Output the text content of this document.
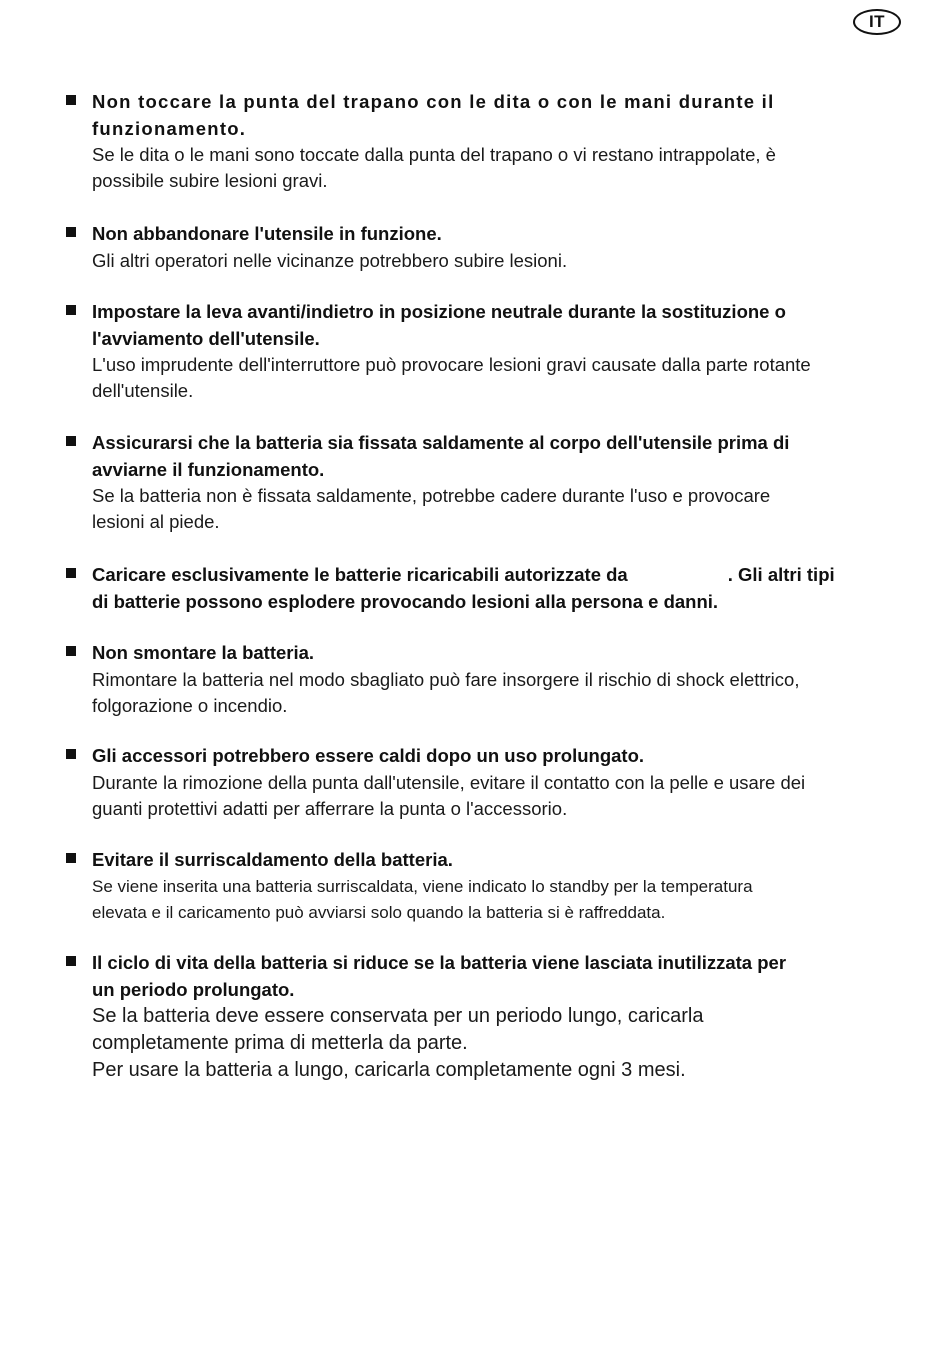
IT

Non toccare la punta del trapano con le dita o con le mani durante il funzionamento.

Se le dita o le mani sono toccate dalla punta del trapano o vi restano intrappolate, è

possibile subire lesioni gravi.

Non abbandonare l'utensile in funzione.

Gli altri operatori nelle vicinanze potrebbero subire lesioni.

Impostare la leva avanti/indietro in posizione neutrale durante la sostituzione o

l'avviamento dell'utensile.

L'uso imprudente dell'interruttore può provocare lesioni gravi causate dalla parte rotante

dell'utensile.

Assicurarsi che la batteria sia fissata saldamente al corpo dell'utensile prima di

avviarne il funzionamento.

Se la batteria non è fissata saldamente, potrebbe cadere durante l'uso e provocare

lesioni al piede.

Caricare esclusivamente le batterie ricaricabili autorizzate da	. Gli altri tipi

di batterie possono esplodere provocando lesioni alla persona e danni.

Non smontare la batteria.

Rimontare la batteria nel modo sbagliato può fare insorgere il rischio di shock elettrico,

folgorazione o incendio.

Gli accessori potrebbero essere caldi dopo un uso prolungato.

Durante la rimozione della punta dall'utensile, evitare il contatto con la pelle e usare dei

guanti protettivi adatti per afferrare la punta o l'accessorio.

Evitare il surriscaldamento della batteria.

Se viene inserita una batteria surriscaldata, viene indicato lo standby per la temperatura

elevata e il caricamento può avviarsi solo quando la batteria si è raffreddata.

Il ciclo di vita della batteria si riduce se la batteria viene lasciata inutilizzata per

un periodo prolungato.

Se la batteria deve essere conservata per un periodo lungo, caricarla

completamente prima di metterla da parte.

Per usare la batteria a lungo, caricarla completamente ogni 3 mesi.
